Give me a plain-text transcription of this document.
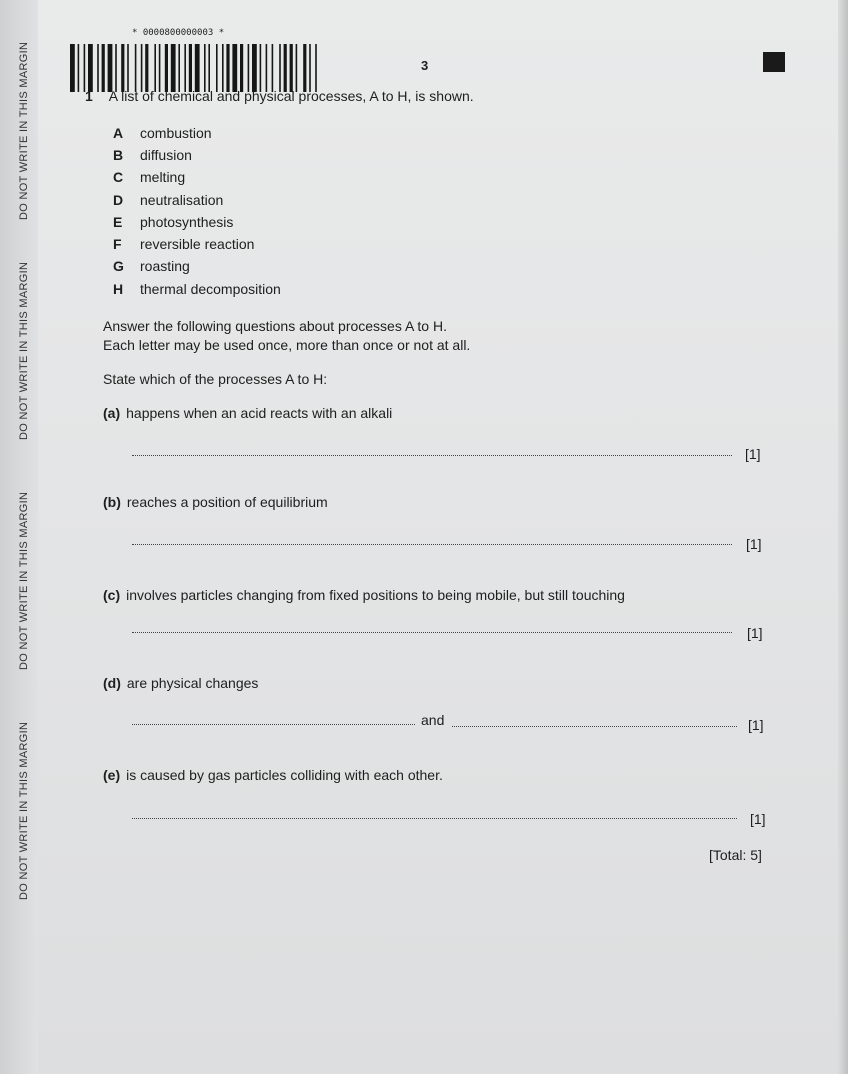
DO NOT WRITE IN THIS MARGIN
DO NOT WRITE IN THIS MARGIN
DO NOT WRITE IN THIS MARGIN
DO NOT WRITE IN THIS MARGIN
* 0000800000003 *
3
1 A list of chemical and physical processes, A to H, is shown.
A combustion
B diffusion
C melting
D neutralisation
E photosynthesis
F reversible reaction
G roasting
H thermal decomposition
Answer the following questions about processes A to H.
Each letter may be used once, more than once or not at all.
State which of the processes A to H:
(a) happens when an acid reacts with an alkali
[1]
(b) reaches a position of equilibrium
[1]
(c) involves particles changing from fixed positions to being mobile, but still touching
[1]
(d) are physical changes
and	[1]
(e) is caused by gas particles colliding with each other.
[1]
[Total: 5]
